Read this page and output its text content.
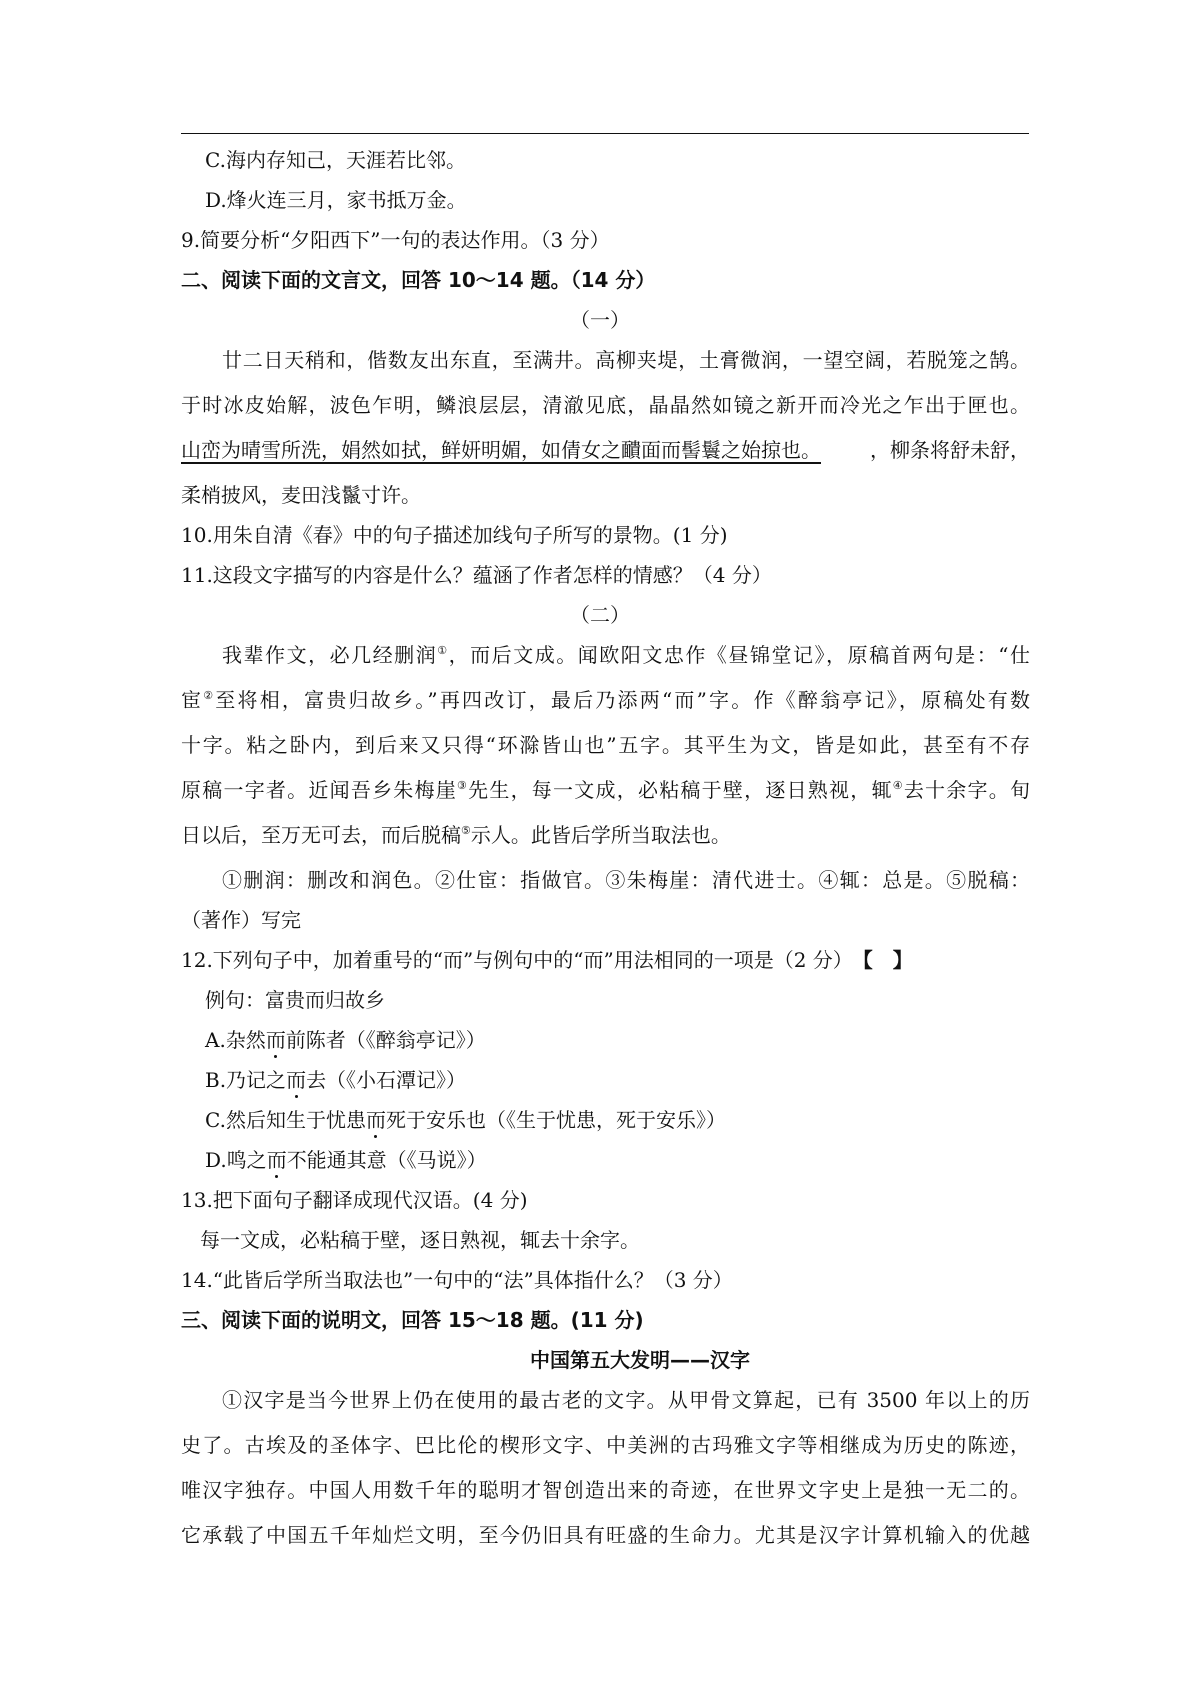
C.海内存知己，天涯若比邻。
D.烽火连三月，家书抵万金。
9.简要分析“夕阳西下”一句的表达作用。（3 分）
二、阅读下面的文言文，回答 10～14 题。（14 分）
（一）
廿二日天稍和，偕数友出东直，至满井。高柳夹堤，土膏微润，一望空阔，若脱笼之鹄。
于时冰皮始解，波色乍明，鳞浪层层，清澈见底，晶晶然如镜之新开而冷光之乍出于匣也。
山峦为晴雪所洗，娟然如拭，鲜妍明媚，如倩女之靧面而髻鬟之始掠也。 ，柳条将舒未舒，
柔梢披风，麦田浅鬣寸许。
10.用朱自清《春》中的句子描述加线句子所写的景物。(1 分)
11.这段文字描写的内容是什么？蕴涵了作者怎样的情感？（4 分）
（二）
我辈作文，必几经删润①，而后文成。闻欧阳文忠作《昼锦堂记》，原稿首两句是：“仕
宦②至将相，富贵归故乡。”再四改订，最后乃添两“而”字。作《醉翁亭记》，原稿处有数
十字。粘之卧内，到后来又只得“环滁皆山也”五字。其平生为文，皆是如此，甚至有不存
原稿一字者。近闻吾乡朱梅崖③先生，每一文成，必粘稿于壁，逐日熟视，辄④去十余字。旬
日以后，至万无可去，而后脱稿⑤示人。此皆后学所当取法也。
①删润：删改和润色。②仕宦：指做官。③朱梅崖：清代进士。④辄：总是。⑤脱稿：
（著作）写完
12.下列句子中，加着重号的“而”与例句中的“而”用法相同的一项是（2 分）【 】
例句：富贵而归故乡
A.杂然而前陈者（《醉翁亭记》）
B.乃记之而去（《小石潭记》）
C.然后知生于忧患而死于安乐也（《生于忧患，死于安乐》）
D.鸣之而不能通其意（《马说》）
13.把下面句子翻译成现代汉语。(4 分)
每一文成，必粘稿于壁，逐日熟视，辄去十余字。
14.“此皆后学所当取法也”一句中的“法”具体指什么？（3 分）
三、阅读下面的说明文，回答 15～18 题。(11 分)
中国第五大发明——汉字
①汉字是当今世界上仍在使用的最古老的文字。从甲骨文算起，已有 3500 年以上的历
史了。古埃及的圣体字、巴比伦的楔形文字、中美洲的古玛雅文字等相继成为历史的陈迹，
唯汉字独存。中国人用数千年的聪明才智创造出来的奇迹，在世界文字史上是独一无二的。
它承载了中国五千年灿烂文明，至今仍旧具有旺盛的生命力。尤其是汉字计算机输入的优越
